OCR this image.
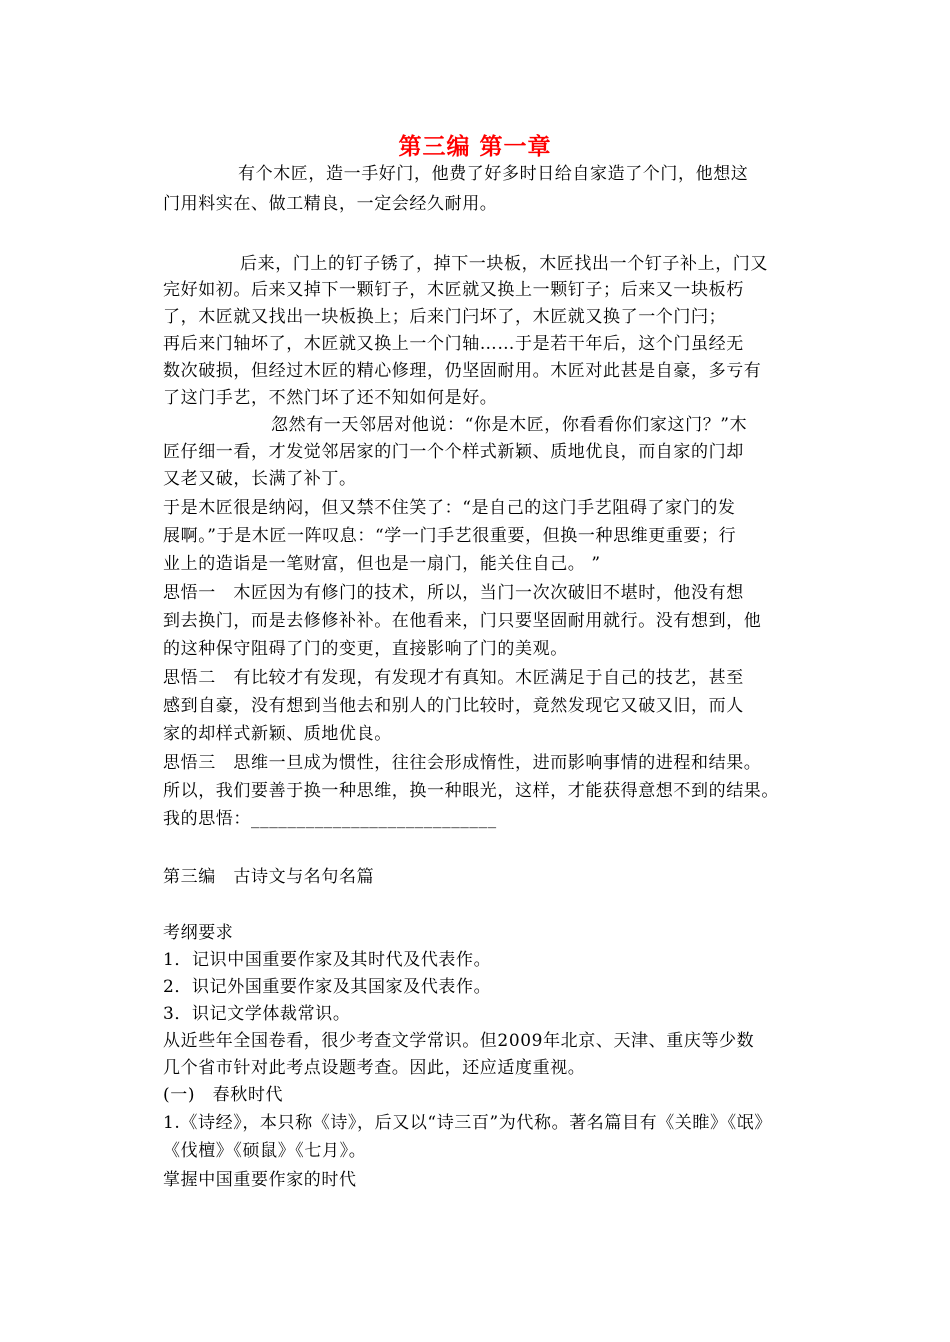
第三编 第一章
有个木匠，造一手好门，他费了好多时日给自家造了个门，他想这
门用料实在、做工精良，一定会经久耐用。
后来，门上的钉子锈了，掉下一块板，木匠找出一个钉子补上，门又
完好如初。后来又掉下一颗钉子，木匠就又换上一颗钉子；后来又一块板朽
了，木匠就又找出一块板换上；后来门闩坏了，木匠就又换了一个门闩；
再后来门轴坏了，木匠就又换上一个门轴……于是若干年后，这个门虽经无
数次破损，但经过木匠的精心修理，仍坚固耐用。木匠对此甚是自豪，多亏有
了这门手艺，不然门坏了还不知如何是好。
忽然有一天邻居对他说：“你是木匠，你看看你们家这门？”木
匠仔细一看，才发觉邻居家的门一个个样式新颖、质地优良，而自家的门却
又老又破，长满了补丁。
于是木匠很是纳闷，但又禁不住笑了：“是自己的这门手艺阻碍了家门的发
展啊。”于是木匠一阵叹息：“学一门手艺很重要，但换一种思维更重要；行
业上的造诣是一笔财富，但也是一扇门，能关住自己。 ”
思悟一　木匠因为有修门的技术，所以，当门一次次破旧不堪时，他没有想
到去换门，而是去修修补补。在他看来，门只要坚固耐用就行。没有想到，他
的这种保守阻碍了门的变更，直接影响了门的美观。
思悟二　有比较才有发现，有发现才有真知。木匠满足于自己的技艺，甚至
感到自豪，没有想到当他去和别人的门比较时，竟然发现它又破又旧，而人
家的却样式新颖、质地优良。
思悟三　思维一旦成为惯性，往往会形成惰性，进而影响事情的进程和结果。
所以，我们要善于换一种思维，换一种眼光，这样，才能获得意想不到的结果。
我的思悟：___________________________
第三编　古诗文与名句名篇
考纲要求
1．记识中国重要作家及其时代及代表作。
2．识记外国重要作家及其国家及代表作。
3．识记文学体裁常识。
从近些年全国卷看，很少考查文学常识。但2009年北京、天津、重庆等少数
几个省市针对此考点设题考查。因此，还应适度重视。
(一)　春秋时代
1.《诗经》，本只称《诗》，后又以“诗三百”为代称。著名篇目有《关睢》《氓》
《伐檀》《硕鼠》《七月》。
掌握中国重要作家的时代
